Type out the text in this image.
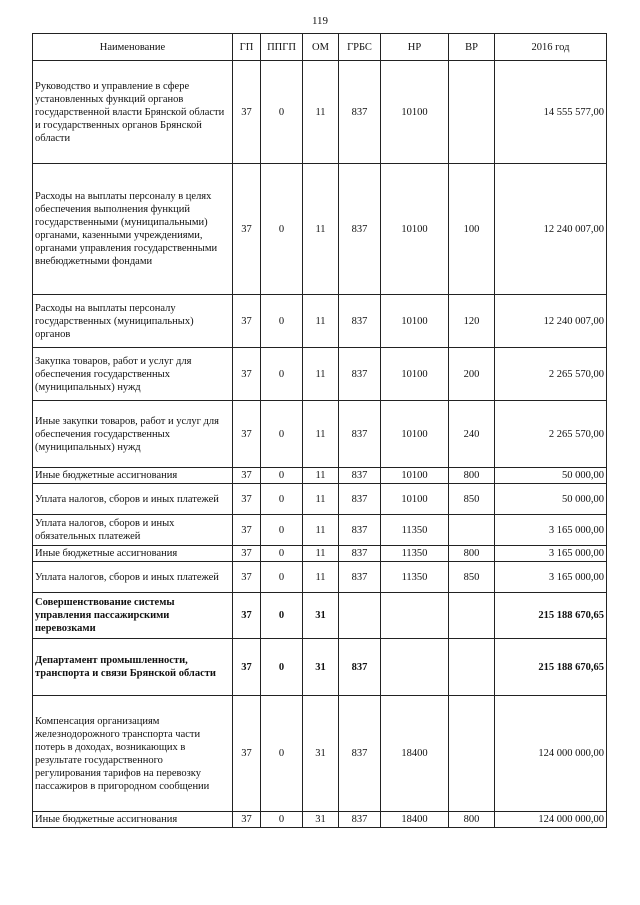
119
Наименование	ГП	ППГП	ОМ	ГРБС	НР	ВР	2016 год
Руководство и управление в сфере установленных функций органов государственной власти Брянской области и государственных органов Брянской области	37	0	11	837	10100		14 555 577,00
Расходы на выплаты персоналу в целях обеспечения выполнения функций государственными (муниципальными) органами, казенными учреждениями, органами управления государственными внебюджетными фондами	37	0	11	837	10100	100	12 240 007,00
Расходы на выплаты персоналу государственных (муниципальных) органов	37	0	11	837	10100	120	12 240 007,00
Закупка товаров, работ и услуг для обеспечения государственных (муниципальных) нужд	37	0	11	837	10100	200	2 265 570,00
Иные закупки товаров, работ и услуг для обеспечения государственных (муниципальных) нужд	37	0	11	837	10100	240	2 265 570,00
Иные бюджетные ассигнования	37	0	11	837	10100	800	50 000,00
Уплата налогов, сборов и иных платежей	37	0	11	837	10100	850	50 000,00
Уплата налогов, сборов и иных обязательных платежей	37	0	11	837	11350		3 165 000,00
Иные бюджетные ассигнования	37	0	11	837	11350	800	3 165 000,00
Уплата налогов, сборов и иных платежей	37	0	11	837	11350	850	3 165 000,00
Совершенствование системы управления пассажирскими перевозками	37	0	31				215 188 670,65
Департамент промышленности, транспорта и связи Брянской области	37	0	31	837			215 188 670,65
Компенсация организациям железнодорожного транспорта части потерь в доходах, возникающих в результате государственного регулирования тарифов на перевозку пассажиров в пригородном сообщении	37	0	31	837	18400		124 000 000,00
Иные бюджетные ассигнования	37	0	31	837	18400	800	124 000 000,00
